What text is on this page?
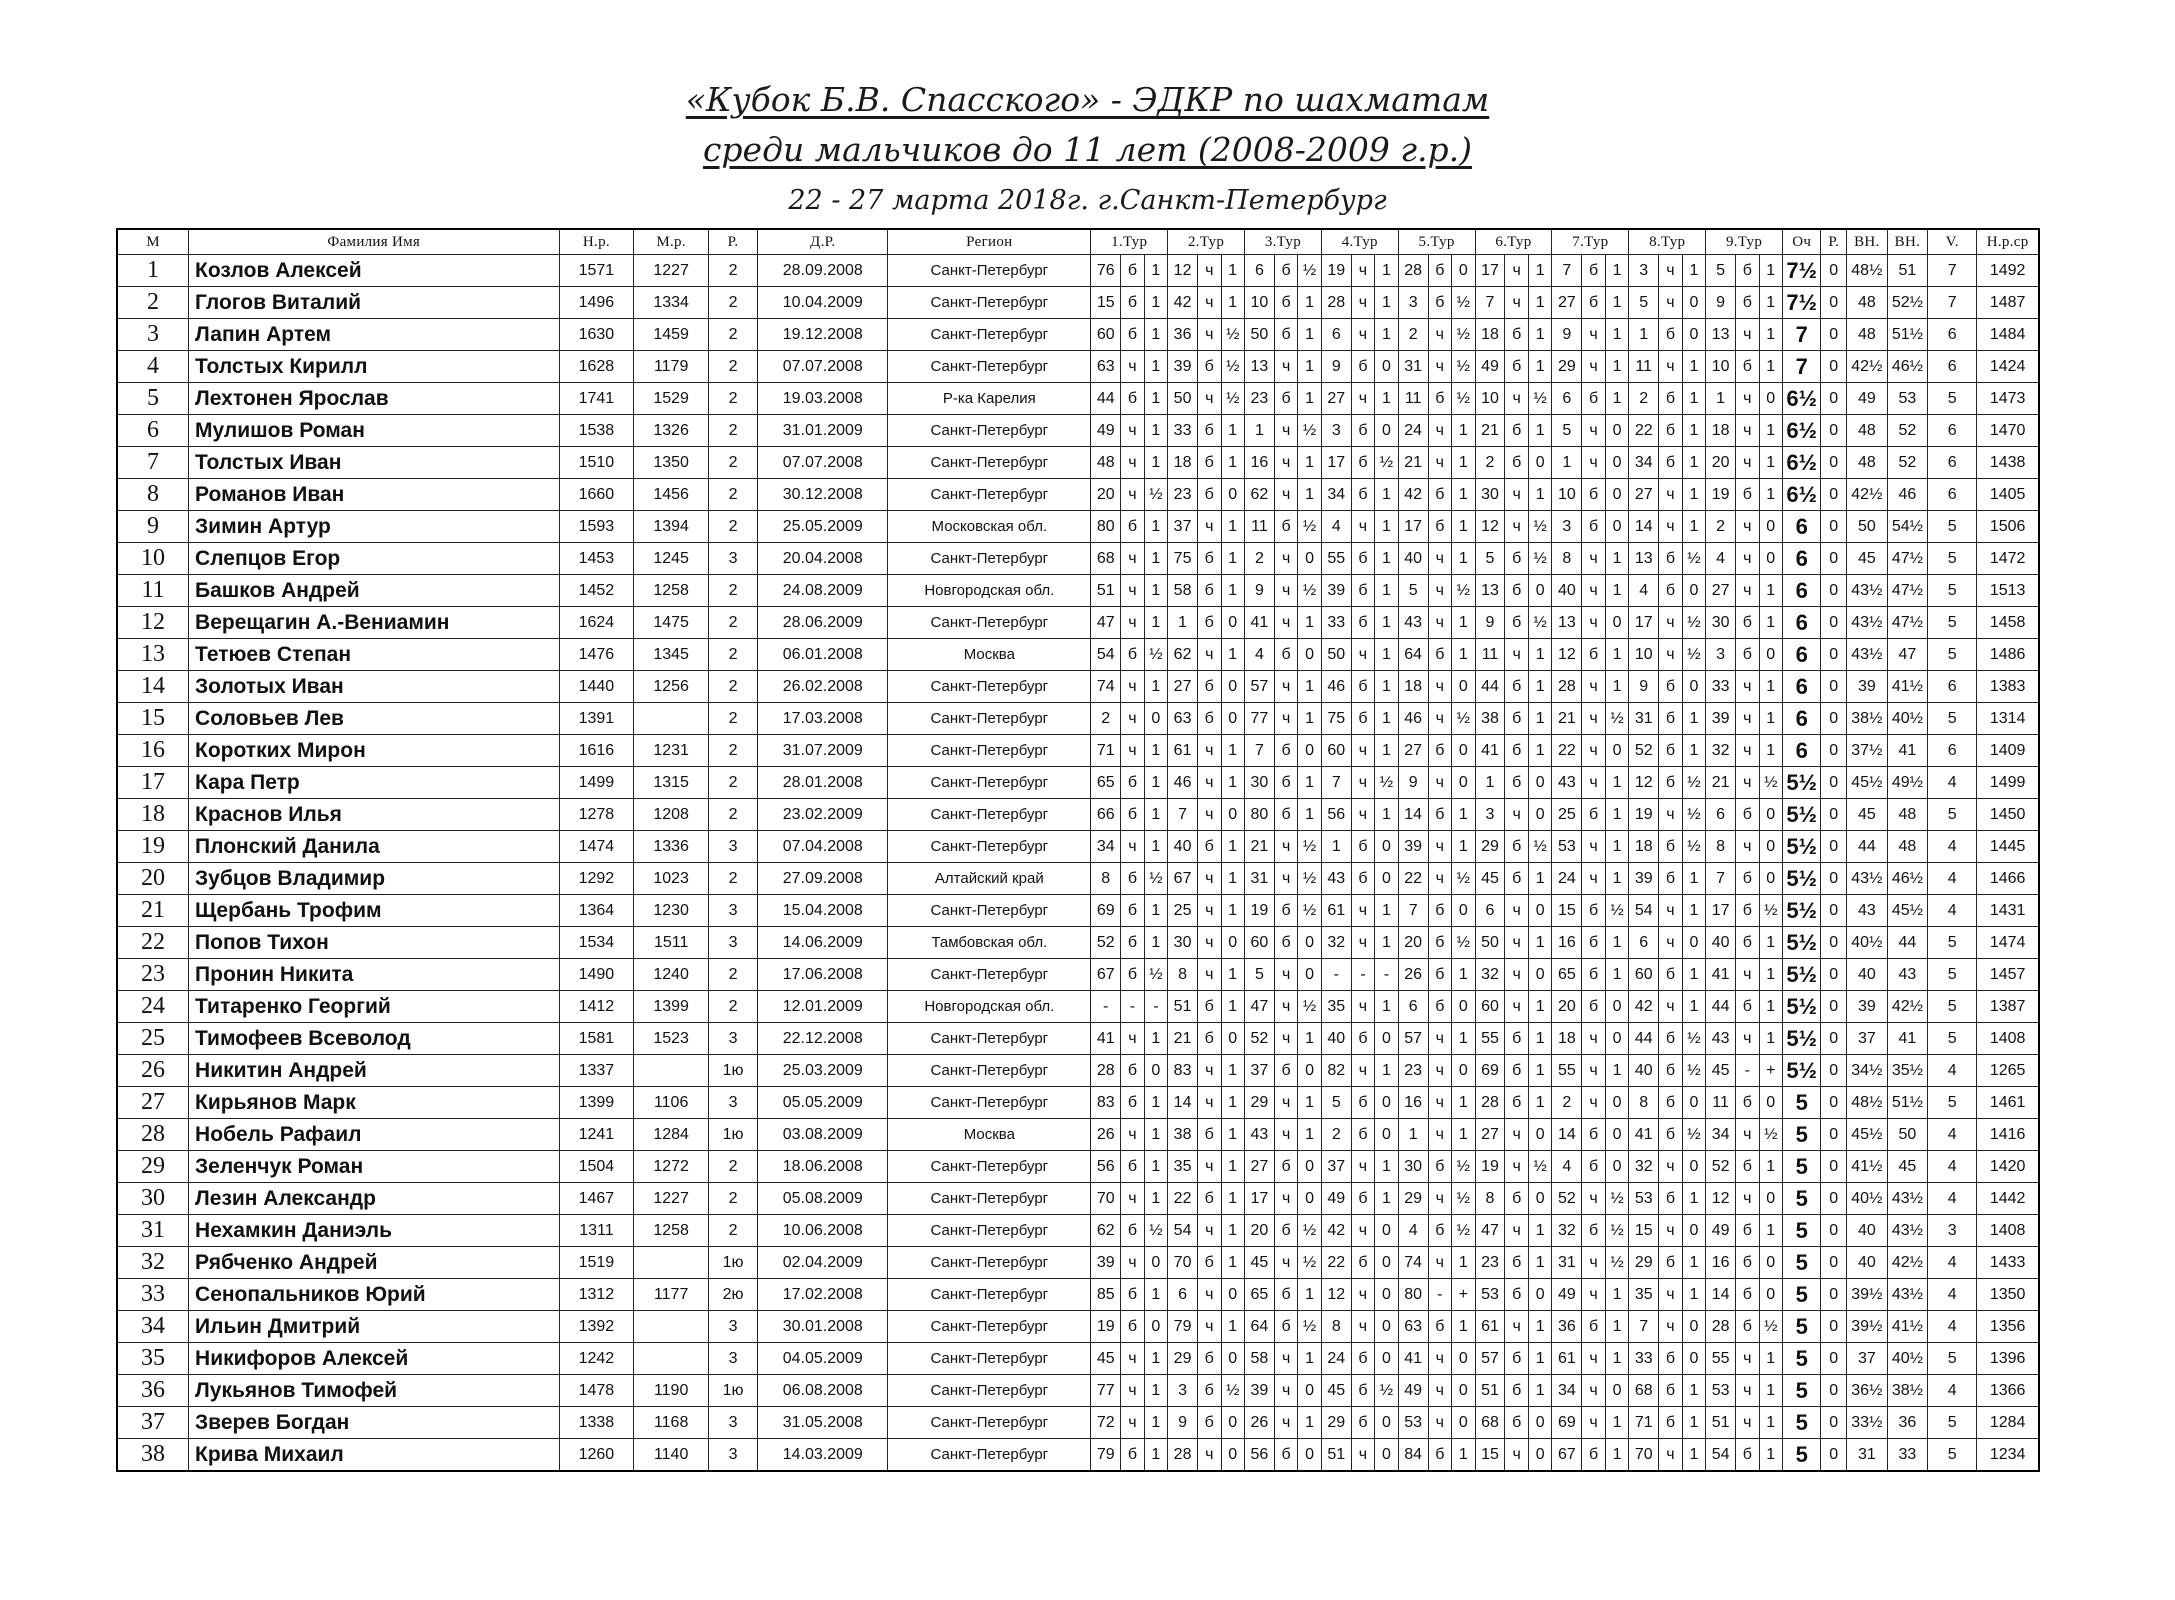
«Кубок Б.В. Спасского» - ЭДКР по шахматам
среди мальчиков до 11 лет (2008-2009 г.р.)
22 - 27 марта 2018г. г.Санкт-Петербург
М	Фамилия Имя	Н.р.	М.р.	Р.	Д.Р.	Регион	1.Тур			2.Тур			3.Тур			4.Тур			5.Тур			6.Тур			7.Тур			8.Тур			9.Тур			Оч	Р.	ВН.	ВН.	V.	Н.р.ср
1	Козлов Алексей	1571	1227	2	28.09.2008	Санкт-Петербург	76	б	1	12	ч	1	6	б	½	19	ч	1	28	б	0	17	ч	1	7	б	1	3	ч	1	5	б	1	7½	0	48½	51	7	1492
2	Глогов Виталий	1496	1334	2	10.04.2009	Санкт-Петербург	15	б	1	42	ч	1	10	б	1	28	ч	1	3	б	½	7	ч	1	27	б	1	5	ч	0	9	б	1	7½	0	48	52½	7	1487
3	Лапин Артем	1630	1459	2	19.12.2008	Санкт-Петербург	60	б	1	36	ч	½	50	б	1	6	ч	1	2	ч	½	18	б	1	9	ч	1	1	б	0	13	ч	1	7	0	48	51½	6	1484
4	Толстых Кирилл	1628	1179	2	07.07.2008	Санкт-Петербург	63	ч	1	39	б	½	13	ч	1	9	б	0	31	ч	½	49	б	1	29	ч	1	11	ч	1	10	б	1	7	0	42½	46½	6	1424
5	Лехтонен Ярослав	1741	1529	2	19.03.2008	Р-ка Карелия	44	б	1	50	ч	½	23	б	1	27	ч	1	11	б	½	10	ч	½	6	б	1	2	б	1	1	ч	0	6½	0	49	53	5	1473
6	Мулишов Роман	1538	1326	2	31.01.2009	Санкт-Петербург	49	ч	1	33	б	1	1	ч	½	3	б	0	24	ч	1	21	б	1	5	ч	0	22	б	1	18	ч	1	6½	0	48	52	6	1470
7	Толстых Иван	1510	1350	2	07.07.2008	Санкт-Петербург	48	ч	1	18	б	1	16	ч	1	17	б	½	21	ч	1	2	б	0	1	ч	0	34	б	1	20	ч	1	6½	0	48	52	6	1438
8	Романов Иван	1660	1456	2	30.12.2008	Санкт-Петербург	20	ч	½	23	б	0	62	ч	1	34	б	1	42	б	1	30	ч	1	10	б	0	27	ч	1	19	б	1	6½	0	42½	46	6	1405
9	Зимин Артур	1593	1394	2	25.05.2009	Московская обл.	80	б	1	37	ч	1	11	б	½	4	ч	1	17	б	1	12	ч	½	3	б	0	14	ч	1	2	ч	0	6	0	50	54½	5	1506
10	Слепцов Егор	1453	1245	3	20.04.2008	Санкт-Петербург	68	ч	1	75	б	1	2	ч	0	55	б	1	40	ч	1	5	б	½	8	ч	1	13	б	½	4	ч	0	6	0	45	47½	5	1472
11	Башков Андрей	1452	1258	2	24.08.2009	Новгородская обл.	51	ч	1	58	б	1	9	ч	½	39	б	1	5	ч	½	13	б	0	40	ч	1	4	б	0	27	ч	1	6	0	43½	47½	5	1513
12	Верещагин А.-Вениамин	1624	1475	2	28.06.2009	Санкт-Петербург	47	ч	1	1	б	0	41	ч	1	33	б	1	43	ч	1	9	б	½	13	ч	0	17	ч	½	30	б	1	6	0	43½	47½	5	1458
13	Тетюев Степан	1476	1345	2	06.01.2008	Москва	54	б	½	62	ч	1	4	б	0	50	ч	1	64	б	1	11	ч	1	12	б	1	10	ч	½	3	б	0	6	0	43½	47	5	1486
14	Золотых Иван	1440	1256	2	26.02.2008	Санкт-Петербург	74	ч	1	27	б	0	57	ч	1	46	б	1	18	ч	0	44	б	1	28	ч	1	9	б	0	33	ч	1	6	0	39	41½	6	1383
15	Соловьев Лев	1391		2	17.03.2008	Санкт-Петербург	2	ч	0	63	б	0	77	ч	1	75	б	1	46	ч	½	38	б	1	21	ч	½	31	б	1	39	ч	1	6	0	38½	40½	5	1314
16	Коротких Мирон	1616	1231	2	31.07.2009	Санкт-Петербург	71	ч	1	61	ч	1	7	б	0	60	ч	1	27	б	0	41	б	1	22	ч	0	52	б	1	32	ч	1	6	0	37½	41	6	1409
17	Кара Петр	1499	1315	2	28.01.2008	Санкт-Петербург	65	б	1	46	ч	1	30	б	1	7	ч	½	9	ч	0	1	б	0	43	ч	1	12	б	½	21	ч	½	5½	0	45½	49½	4	1499
18	Краснов Илья	1278	1208	2	23.02.2009	Санкт-Петербург	66	б	1	7	ч	0	80	б	1	56	ч	1	14	б	1	3	ч	0	25	б	1	19	ч	½	6	б	0	5½	0	45	48	5	1450
19	Плонский Данила	1474	1336	3	07.04.2008	Санкт-Петербург	34	ч	1	40	б	1	21	ч	½	1	б	0	39	ч	1	29	б	½	53	ч	1	18	б	½	8	ч	0	5½	0	44	48	4	1445
20	Зубцов Владимир	1292	1023	2	27.09.2008	Алтайский край	8	б	½	67	ч	1	31	ч	½	43	б	0	22	ч	½	45	б	1	24	ч	1	39	б	1	7	б	0	5½	0	43½	46½	4	1466
21	Щербань Трофим	1364	1230	3	15.04.2008	Санкт-Петербург	69	б	1	25	ч	1	19	б	½	61	ч	1	7	б	0	6	ч	0	15	б	½	54	ч	1	17	б	½	5½	0	43	45½	4	1431
22	Попов Тихон	1534	1511	3	14.06.2009	Тамбовская обл.	52	б	1	30	ч	0	60	б	0	32	ч	1	20	б	½	50	ч	1	16	б	1	6	ч	0	40	б	1	5½	0	40½	44	5	1474
23	Пронин Никита	1490	1240	2	17.06.2008	Санкт-Петербург	67	б	½	8	ч	1	5	ч	0	-	-	-	26	б	1	32	ч	0	65	б	1	60	б	1	41	ч	1	5½	0	40	43	5	1457
24	Титаренко Георгий	1412	1399	2	12.01.2009	Новгородская обл.	-	-	-	51	б	1	47	ч	½	35	ч	1	6	б	0	60	ч	1	20	б	0	42	ч	1	44	б	1	5½	0	39	42½	5	1387
25	Тимофеев Всеволод	1581	1523	3	22.12.2008	Санкт-Петербург	41	ч	1	21	б	0	52	ч	1	40	б	0	57	ч	1	55	б	1	18	ч	0	44	б	½	43	ч	1	5½	0	37	41	5	1408
26	Никитин Андрей	1337		1ю	25.03.2009	Санкт-Петербург	28	б	0	83	ч	1	37	б	0	82	ч	1	23	ч	0	69	б	1	55	ч	1	40	б	½	45	-	+	5½	0	34½	35½	4	1265
27	Кирьянов Марк	1399	1106	3	05.05.2009	Санкт-Петербург	83	б	1	14	ч	1	29	ч	1	5	б	0	16	ч	1	28	б	1	2	ч	0	8	б	0	11	б	0	5	0	48½	51½	5	1461
28	Нобель Рафаил	1241	1284	1ю	03.08.2009	Москва	26	ч	1	38	б	1	43	ч	1	2	б	0	1	ч	1	27	ч	0	14	б	0	41	б	½	34	ч	½	5	0	45½	50	4	1416
29	Зеленчук Роман	1504	1272	2	18.06.2008	Санкт-Петербург	56	б	1	35	ч	1	27	б	0	37	ч	1	30	б	½	19	ч	½	4	б	0	32	ч	0	52	б	1	5	0	41½	45	4	1420
30	Лезин Александр	1467	1227	2	05.08.2009	Санкт-Петербург	70	ч	1	22	б	1	17	ч	0	49	б	1	29	ч	½	8	б	0	52	ч	½	53	б	1	12	ч	0	5	0	40½	43½	4	1442
31	Нехамкин Даниэль	1311	1258	2	10.06.2008	Санкт-Петербург	62	б	½	54	ч	1	20	б	½	42	ч	0	4	б	½	47	ч	1	32	б	½	15	ч	0	49	б	1	5	0	40	43½	3	1408
32	Рябченко Андрей	1519		1ю	02.04.2009	Санкт-Петербург	39	ч	0	70	б	1	45	ч	½	22	б	0	74	ч	1	23	б	1	31	ч	½	29	б	1	16	б	0	5	0	40	42½	4	1433
33	Сенопальников Юрий	1312	1177	2ю	17.02.2008	Санкт-Петербург	85	б	1	6	ч	0	65	б	1	12	ч	0	80	-	+	53	б	0	49	ч	1	35	ч	1	14	б	0	5	0	39½	43½	4	1350
34	Ильин Дмитрий	1392		3	30.01.2008	Санкт-Петербург	19	б	0	79	ч	1	64	б	½	8	ч	0	63	б	1	61	ч	1	36	б	1	7	ч	0	28	б	½	5	0	39½	41½	4	1356
35	Никифоров Алексей	1242		3	04.05.2009	Санкт-Петербург	45	ч	1	29	б	0	58	ч	1	24	б	0	41	ч	0	57	б	1	61	ч	1	33	б	0	55	ч	1	5	0	37	40½	5	1396
36	Лукьянов Тимофей	1478	1190	1ю	06.08.2008	Санкт-Петербург	77	ч	1	3	б	½	39	ч	0	45	б	½	49	ч	0	51	б	1	34	ч	0	68	б	1	53	ч	1	5	0	36½	38½	4	1366
37	Зверев Богдан	1338	1168	3	31.05.2008	Санкт-Петербург	72	ч	1	9	б	0	26	ч	1	29	б	0	53	ч	0	68	б	0	69	ч	1	71	б	1	51	ч	1	5	0	33½	36	5	1284
38	Крива Михаил	1260	1140	3	14.03.2009	Санкт-Петербург	79	б	1	28	ч	0	56	б	0	51	ч	0	84	б	1	15	ч	0	67	б	1	70	ч	1	54	б	1	5	0	31	33	5	1234
